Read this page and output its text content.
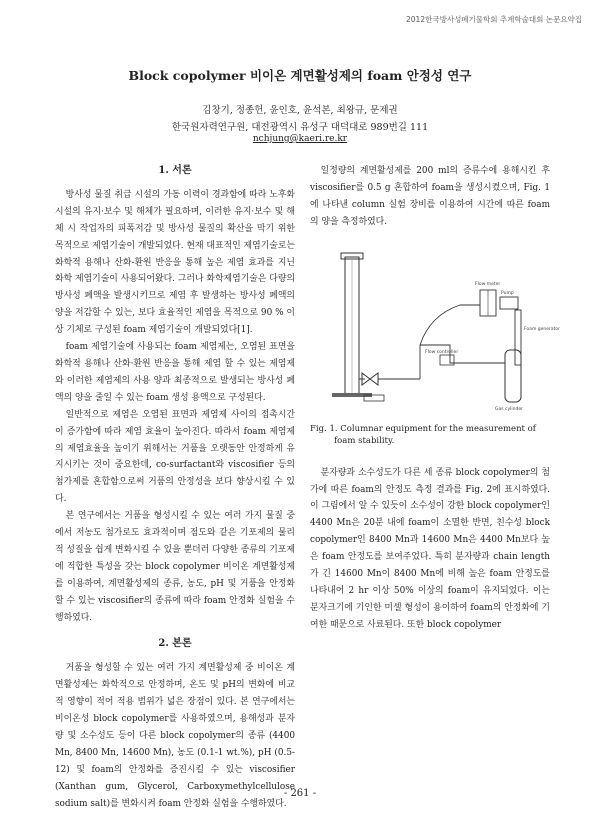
2012한국방사성폐기물학회 추계학술대회 논문요약집
Block copolymer 비이온 계면활성제의 foam 안정성 연구
김창기, 정종헌, 윤인호, 윤석본, 최왕규, 문제권
한국원자력연구원, 대전광역시 유성구 대덕대로 989번길 111
nchjung@kaeri.re.kr
1. 서론

방사성 물질 취급 시설의 가동 이력이 경과함에 따라 노후화 시설의 유지·보수 및 해체가 필요하며, 이러한 유지·보수 및 해체 시 작업자의 피폭저감 및 방사성 물질의 확산을 막기 위한 목적으로 제염기술이 개발되었다. 현재 대표적인 제염기술로는 화학적 용해나 산화-환원 반응을 통해 높은 제염 효과를 지닌 화학 제염기술이 사용되어왔다. 그러나 화학제염기술은 다량의 방사성 폐액을 발생시키므로 제염 후 발생하는 방사성 폐액의 양을 저감할 수 있는, 보다 효율적인 제염을 목적으로 90 % 이상 기체로 구성된 foam 제염기술이 개발되었다[1].

foam 제염기술에 사용되는 foam 제염제는, 오염된 표면을 화학적 용해나 산화·환원 반응을 통해 제염 할 수 있는 제염제와 이러한 제염제의 사용 양과 최종적으로 발생되는 방사성 폐액의 양을 줄일 수 있는 foam 생성 용액으로 구성된다.

일반적으로 제염은 오염된 표면과 제염제 사이의 접촉시간이 증가함에 따라 제염 효율이 높아진다. 따라서 foam 제염제의 제염효율을 높이기 위해서는 거품을 오랫동안 안정하게 유지시키는 것이 중요한데, co-surfactant와 viscosifier 등의 첨가제를 혼합함으로써 거품의 안정성을 보다 향상시킬 수 있다.

본 연구에서는 거품을 형성시킬 수 있는 여러 가지 물질 중에서 저농도 첨가로도 효과적이며 점도와 같은 기포제의 물리적 성질을 쉽게 변화시킬 수 있을 뿐더러 다양한 종류의 기포제에 적합한 특성을 갖는 block copolymer 비이온 계면활성제를 이용하여, 계면활성제의 종류, 농도, pH 및 거품을 안정화할 수 있는 viscosifier의 종류에 따라 foam 안정화 실험을 수행하였다.

2. 본론

거품을 형성할 수 있는 여러 가지 계면활성제 중 비이온 계면활성제는 화학적으로 안정하며, 온도 및 pH의 변화에 비교적 영향이 적어 적용 범위가 넓은 장점이 있다. 본 연구에서는 비이온성 block copolymer를 사용하였으며, 용해성과 분자량 및 소수성도 등이 다른 block copolymer의 종류 (4400 Mn, 8400 Mn, 14600 Mn), 농도 (0.1-1 wt.%), pH (0.5-12) 및 foam의 안정화를 증진시킬 수 있는 viscosifier (Xanthan gum, Glycerol, Carboxymethylcellulose sodium salt)를 변화시켜 foam 안정화 실험을 수행하였다.

일정량의 계면활성제를 200 ml의 증류수에 용해시킨 후 viscosifier를 0.5 g 혼합하여 foam을 생성시켰으며, Fig. 1에 나타낸 column 실험 장비를 이용하여 시간에 따른 foam의 양을 측정하였다.

Flow meter
Pump
Foam generator
Flow controller
Gas cylinder
Fig. 1. Columnar equipment for the measurement of
foam stability.

분자량과 소수성도가 다른 세 종류 block copolymer의 첨가에 따른 foam의 안정도 측정 결과를 Fig. 2에 표시하였다. 이 그림에서 알 수 있듯이 소수성이 강한 block copolymer인 4400 Mn은 20분 내에 foam이 소멸한 반면, 친수성 block copolymer인 8400 Mn과 14600 Mn은 4400 Mn보다 높은 foam 안정도를 보여주었다. 특히 분자량과 chain length가 긴 14600 Mn이 8400 Mn에 비해 높은 foam 안정도를 나타내어 2 hr 이상 50% 이상의 foam이 유지되었다. 이는 분자크기에 기인한 미셀 형성이 용이하여 foam의 안정화에 기여한 때문으로 사료된다. 또한 block copolymer

- 261 -
